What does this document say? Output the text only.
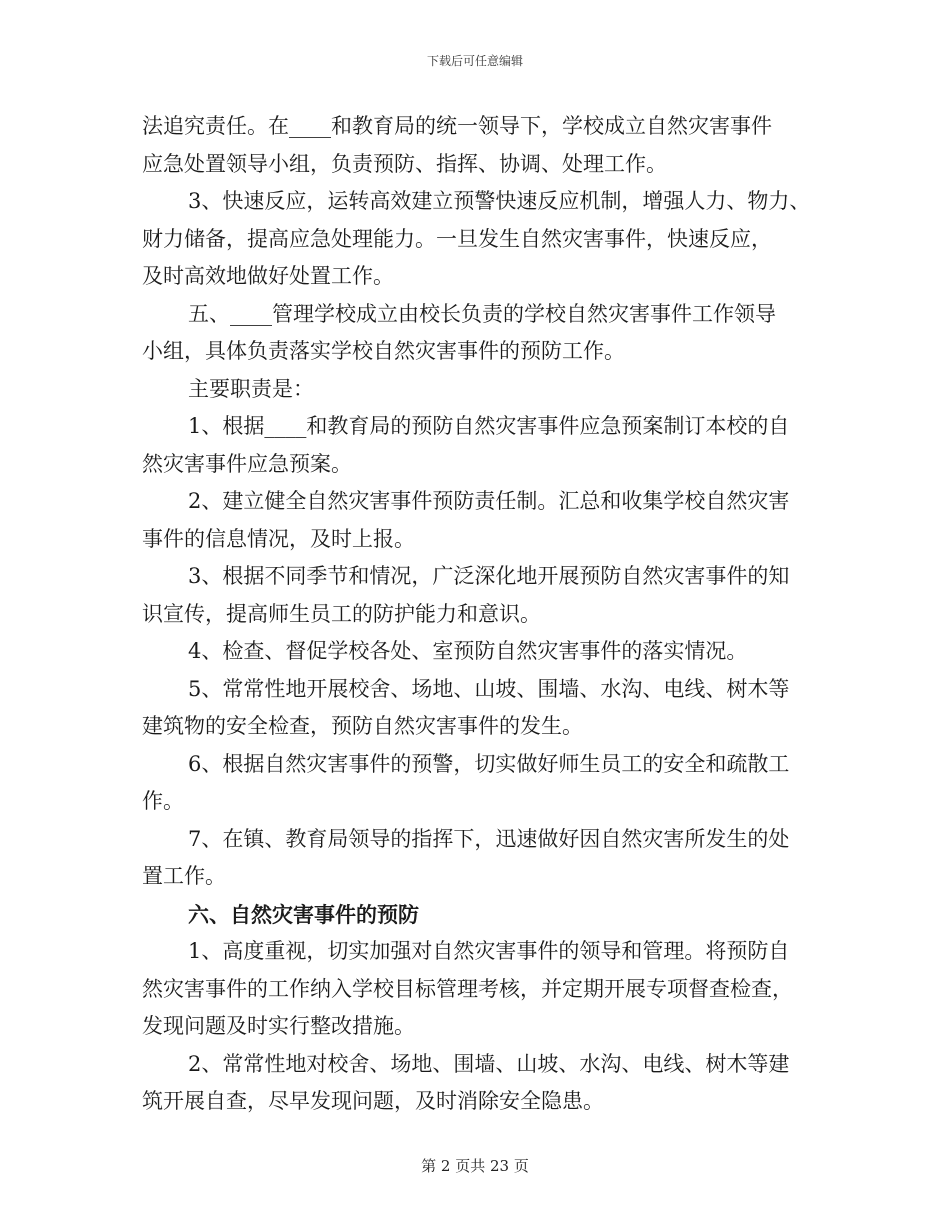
下载后可任意编辑
法追究责任。在____和教育局的统一领导下，学校成立自然灾害事件
应急处置领导小组，负责预防、指挥、协调、处理工作。
3、快速反应，运转高效建立预警快速反应机制，增强人力、物力、
财力储备，提高应急处理能力。一旦发生自然灾害事件，快速反应，
及时高效地做好处置工作。
五、____管理学校成立由校长负责的学校自然灾害事件工作领导
小组，具体负责落实学校自然灾害事件的预防工作。
主要职责是：
1、根据____和教育局的预防自然灾害事件应急预案制订本校的自
然灾害事件应急预案。
2、建立健全自然灾害事件预防责任制。汇总和收集学校自然灾害
事件的信息情况，及时上报。
3、根据不同季节和情况，广泛深化地开展预防自然灾害事件的知
识宣传，提高师生员工的防护能力和意识。
4、检查、督促学校各处、室预防自然灾害事件的落实情况。
5、常常性地开展校舍、场地、山坡、围墙、水沟、电线、树木等
建筑物的安全检查，预防自然灾害事件的发生。
6、根据自然灾害事件的预警，切实做好师生员工的安全和疏散工
作。
7、在镇、教育局领导的指挥下，迅速做好因自然灾害所发生的处
置工作。
六、自然灾害事件的预防
1、高度重视，切实加强对自然灾害事件的领导和管理。将预防自
然灾害事件的工作纳入学校目标管理考核，并定期开展专项督查检查，
发现问题及时实行整改措施。
2、常常性地对校舍、场地、围墙、山坡、水沟、电线、树木等建
筑开展自查，尽早发现问题，及时消除安全隐患。
第 2 页共 23 页
